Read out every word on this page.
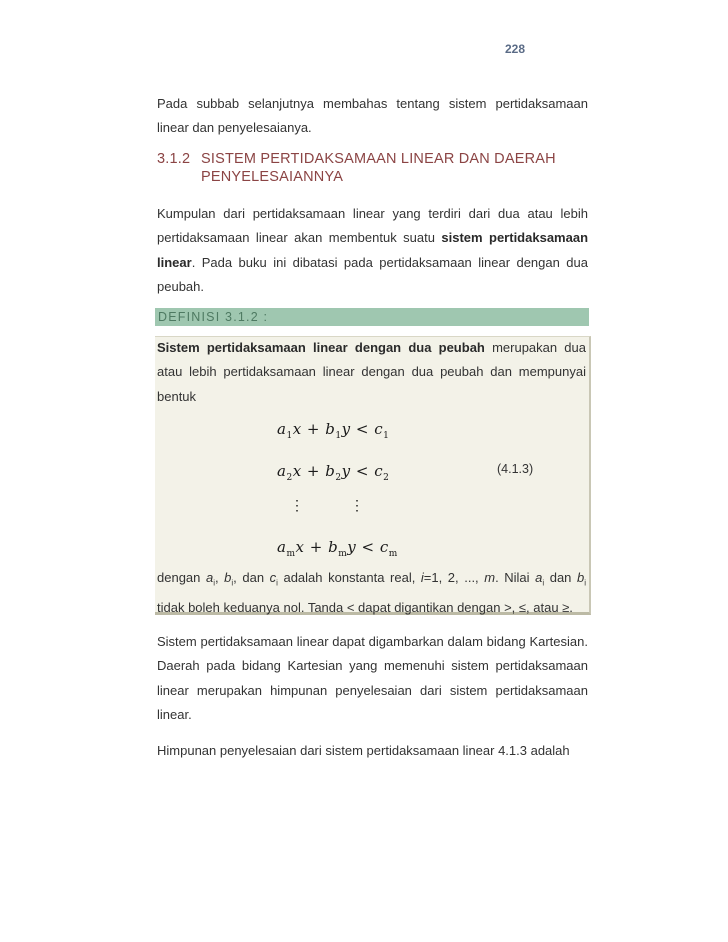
228
Pada subbab selanjutnya membahas tentang sistem pertidaksamaan linear dan penyelesaianya.
3.1.2 SISTEM PERTIDAKSAMAAN LINEAR DAN DAERAH
PENYELESAIANNYA
Kumpulan dari pertidaksamaan linear yang terdiri dari dua atau lebih pertidaksamaan linear akan membentuk suatu sistem pertidaksamaan linear. Pada buku ini dibatasi pada pertidaksamaan linear dengan dua peubah.
DEFINISI 3.1.2 :
Sistem pertidaksamaan linear dengan dua peubah merupakan dua atau lebih pertidaksamaan linear dengan dua peubah dan mempunyai bentuk
$a_1x + b_1y < c_1$
$a_2x + b_2y < c_2$
(4.1.3)
⋮	⋮
$a_mx + b_my < c_m$
dengan $a_i$, $b_i$, dan $c_i$ adalah konstanta real, i=1, 2, ..., m. Nilai $a_i$ dan $b_i$ tidak boleh keduanya nol. Tanda < dapat digantikan dengan >, ≤, atau ≥.
Sistem pertidaksamaan linear dapat digambarkan dalam bidang Kartesian. Daerah pada bidang Kartesian yang memenuhi sistem pertidaksamaan linear merupakan himpunan penyelesaian dari sistem pertidaksamaan linear.
Himpunan penyelesaian dari sistem pertidaksamaan linear 4.1.3 adalah
